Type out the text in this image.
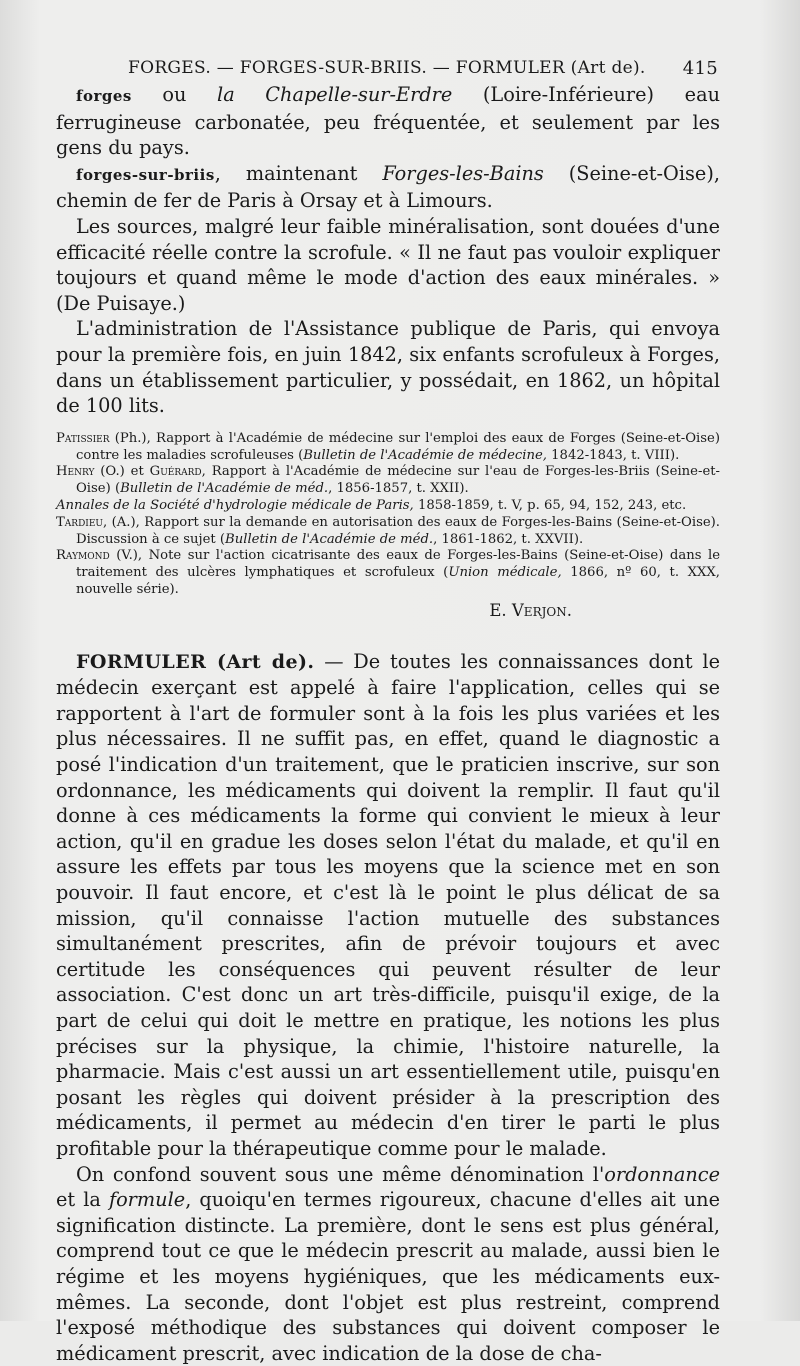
FORGES. — FORGES-SUR-BRIIS. — FORMULER (Art de). 415

forges ou la Chapelle-sur-Erdre (Loire-Inférieure) eau ferrugineuse carbonatée, peu fréquentée, et seulement par les gens du pays.

forges-sur-briis, maintenant Forges-les-Bains (Seine-et-Oise), chemin de fer de Paris à Orsay et à Limours.

Les sources, malgré leur faible minéralisation, sont douées d'une efficacité réelle contre la scrofule. « Il ne faut pas vouloir expliquer toujours et quand même le mode d'action des eaux minérales. » (De Puisaye.)

L'administration de l'Assistance publique de Paris, qui envoya pour la première fois, en juin 1842, six enfants scrofuleux à Forges, dans un établissement particulier, y possédait, en 1862, un hôpital de 100 lits.

Patissier (Ph.), Rapport à l'Académie de médecine sur l'emploi des eaux de Forges (Seine-et-Oise) contre les maladies scrofuleuses (Bulletin de l'Académie de médecine, 1842-1843, t. VIII).

Henry (O.) et Guérard, Rapport à l'Académie de médecine sur l'eau de Forges-les-Briis (Seine-et-Oise) (Bulletin de l'Académie de méd., 1856-1857, t. XXII).

Annales de la Société d'hydrologie médicale de Paris, 1858-1859, t. V, p. 65, 94, 152, 243, etc.

Tardieu, (A.), Rapport sur la demande en autorisation des eaux de Forges-les-Bains (Seine-et-Oise). Discussion à ce sujet (Bulletin de l'Académie de méd., 1861-1862, t. XXVII).

Raymond (V.), Note sur l'action cicatrisante des eaux de Forges-les-Bains (Seine-et-Oise) dans le traitement des ulcères lymphatiques et scrofuleux (Union médicale, 1866, nº 60, t. XXX, nouvelle série).

E. Verjon.

FORMULER (Art de). — De toutes les connaissances dont le médecin exerçant est appelé à faire l'application, celles qui se rapportent à l'art de formuler sont à la fois les plus variées et les plus nécessaires. Il ne suffit pas, en effet, quand le diagnostic a posé l'indication d'un traitement, que le praticien inscrive, sur son ordonnance, les médicaments qui doivent la remplir. Il faut qu'il donne à ces médicaments la forme qui convient le mieux à leur action, qu'il en gradue les doses selon l'état du malade, et qu'il en assure les effets par tous les moyens que la science met en son pouvoir. Il faut encore, et c'est là le point le plus délicat de sa mission, qu'il connaisse l'action mutuelle des substances simultanément prescrites, afin de prévoir toujours et avec certitude les conséquences qui peuvent résulter de leur association. C'est donc un art très-difficile, puisqu'il exige, de la part de celui qui doit le mettre en pratique, les notions les plus précises sur la physique, la chimie, l'histoire naturelle, la pharmacie. Mais c'est aussi un art essentiellement utile, puisqu'en posant les règles qui doivent présider à la prescription des médicaments, il permet au médecin d'en tirer le parti le plus profitable pour la thérapeutique comme pour le malade.

On confond souvent sous une même dénomination l'ordonnance et la formule, quoiqu'en termes rigoureux, chacune d'elles ait une signification distincte. La première, dont le sens est plus général, comprend tout ce que le médecin prescrit au malade, aussi bien le régime et les moyens hygiéniques, que les médicaments eux-mêmes. La seconde, dont l'objet est plus restreint, comprend l'exposé méthodique des substances qui doivent composer le médicament prescrit, avec indication de la dose de cha-
